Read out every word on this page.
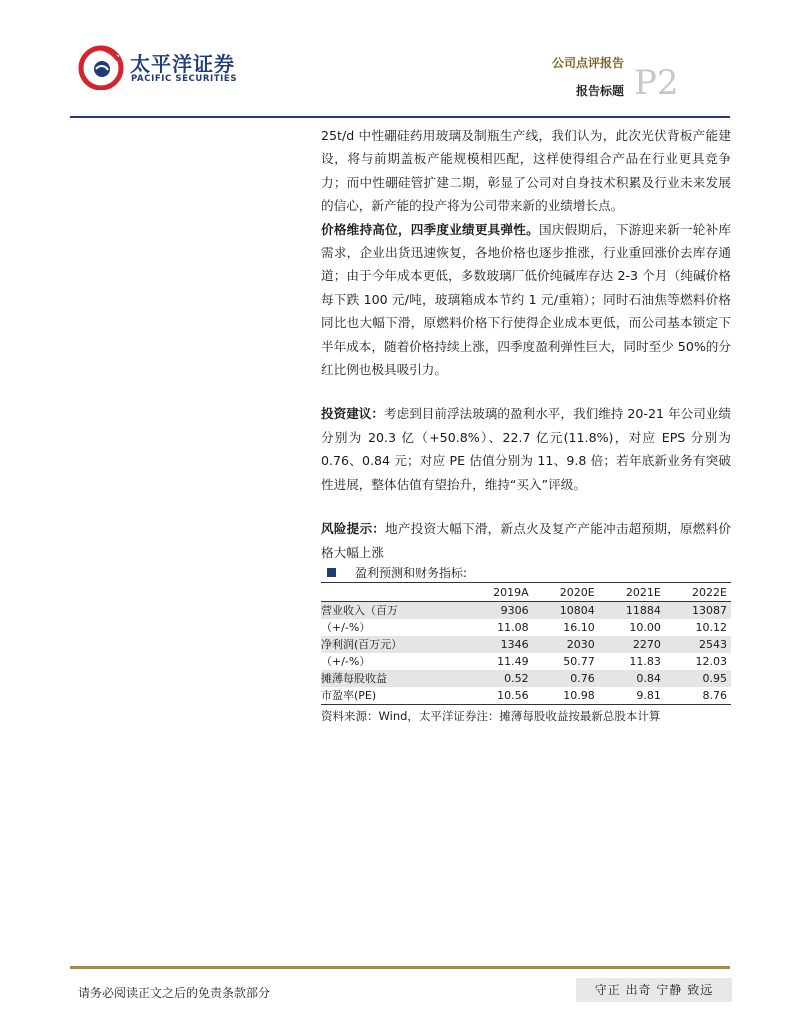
太平洋证券
PACIFIC SECURITIES
公司点评报告
报告标题 P2

25t/d 中性硼硅药用玻璃及制瓶生产线，我们认为，此次光伏背板产能建设，将与前期盖板产能规模相匹配，这样使得组合产品在行业更具竞争力；而中性硼硅管扩建二期，彰显了公司对自身技术积累及行业未来发展的信心，新产能的投产将为公司带来新的业绩增长点。

价格维持高位，四季度业绩更具弹性。国庆假期后，下游迎来新一轮补库需求，企业出货迅速恢复，各地价格也逐步推涨，行业重回涨价去库存通道；由于今年成本更低，多数玻璃厂低价纯碱库存达 2-3 个月（纯碱价格每下跌 100 元/吨，玻璃箱成本节约 1 元/重箱）；同时石油焦等燃料价格同比也大幅下滑，原燃料价格下行使得企业成本更低，而公司基本锁定下半年成本，随着价格持续上涨，四季度盈利弹性巨大，同时至少 50%的分红比例也极具吸引力。

投资建议：考虑到目前浮法玻璃的盈利水平，我们维持 20-21 年公司业绩分别为 20.3 亿（+50.8%）、22.7 亿元(11.8%)，对应 EPS 分别为 0.76、0.84 元；对应 PE 估值分别为 11、9.8 倍；若年底新业务有突破性进展，整体估值有望抬升，维持“买入”评级。

风险提示：地产投资大幅下滑，新点火及复产产能冲击超预期，原燃料价格大幅上涨

盈利预测和财务指标:
	2019A	2020E	2021E	2022E
营业收入（百万	9306	10804	11884	13087
（+/-%）	11.08	16.10	10.00	10.12
净利润(百万元）	1346	2030	2270	2543
（+/-%）	11.49	50.77	11.83	12.03
摊薄每股收益	0.52	0.76	0.84	0.95
市盈率(PE)	10.56	10.98	9.81	8.76
资料来源：Wind，太平洋证券注：摊薄每股收益按最新总股本计算
请务必阅读正文之后的免责条款部分	守正 出奇 宁静 致远
